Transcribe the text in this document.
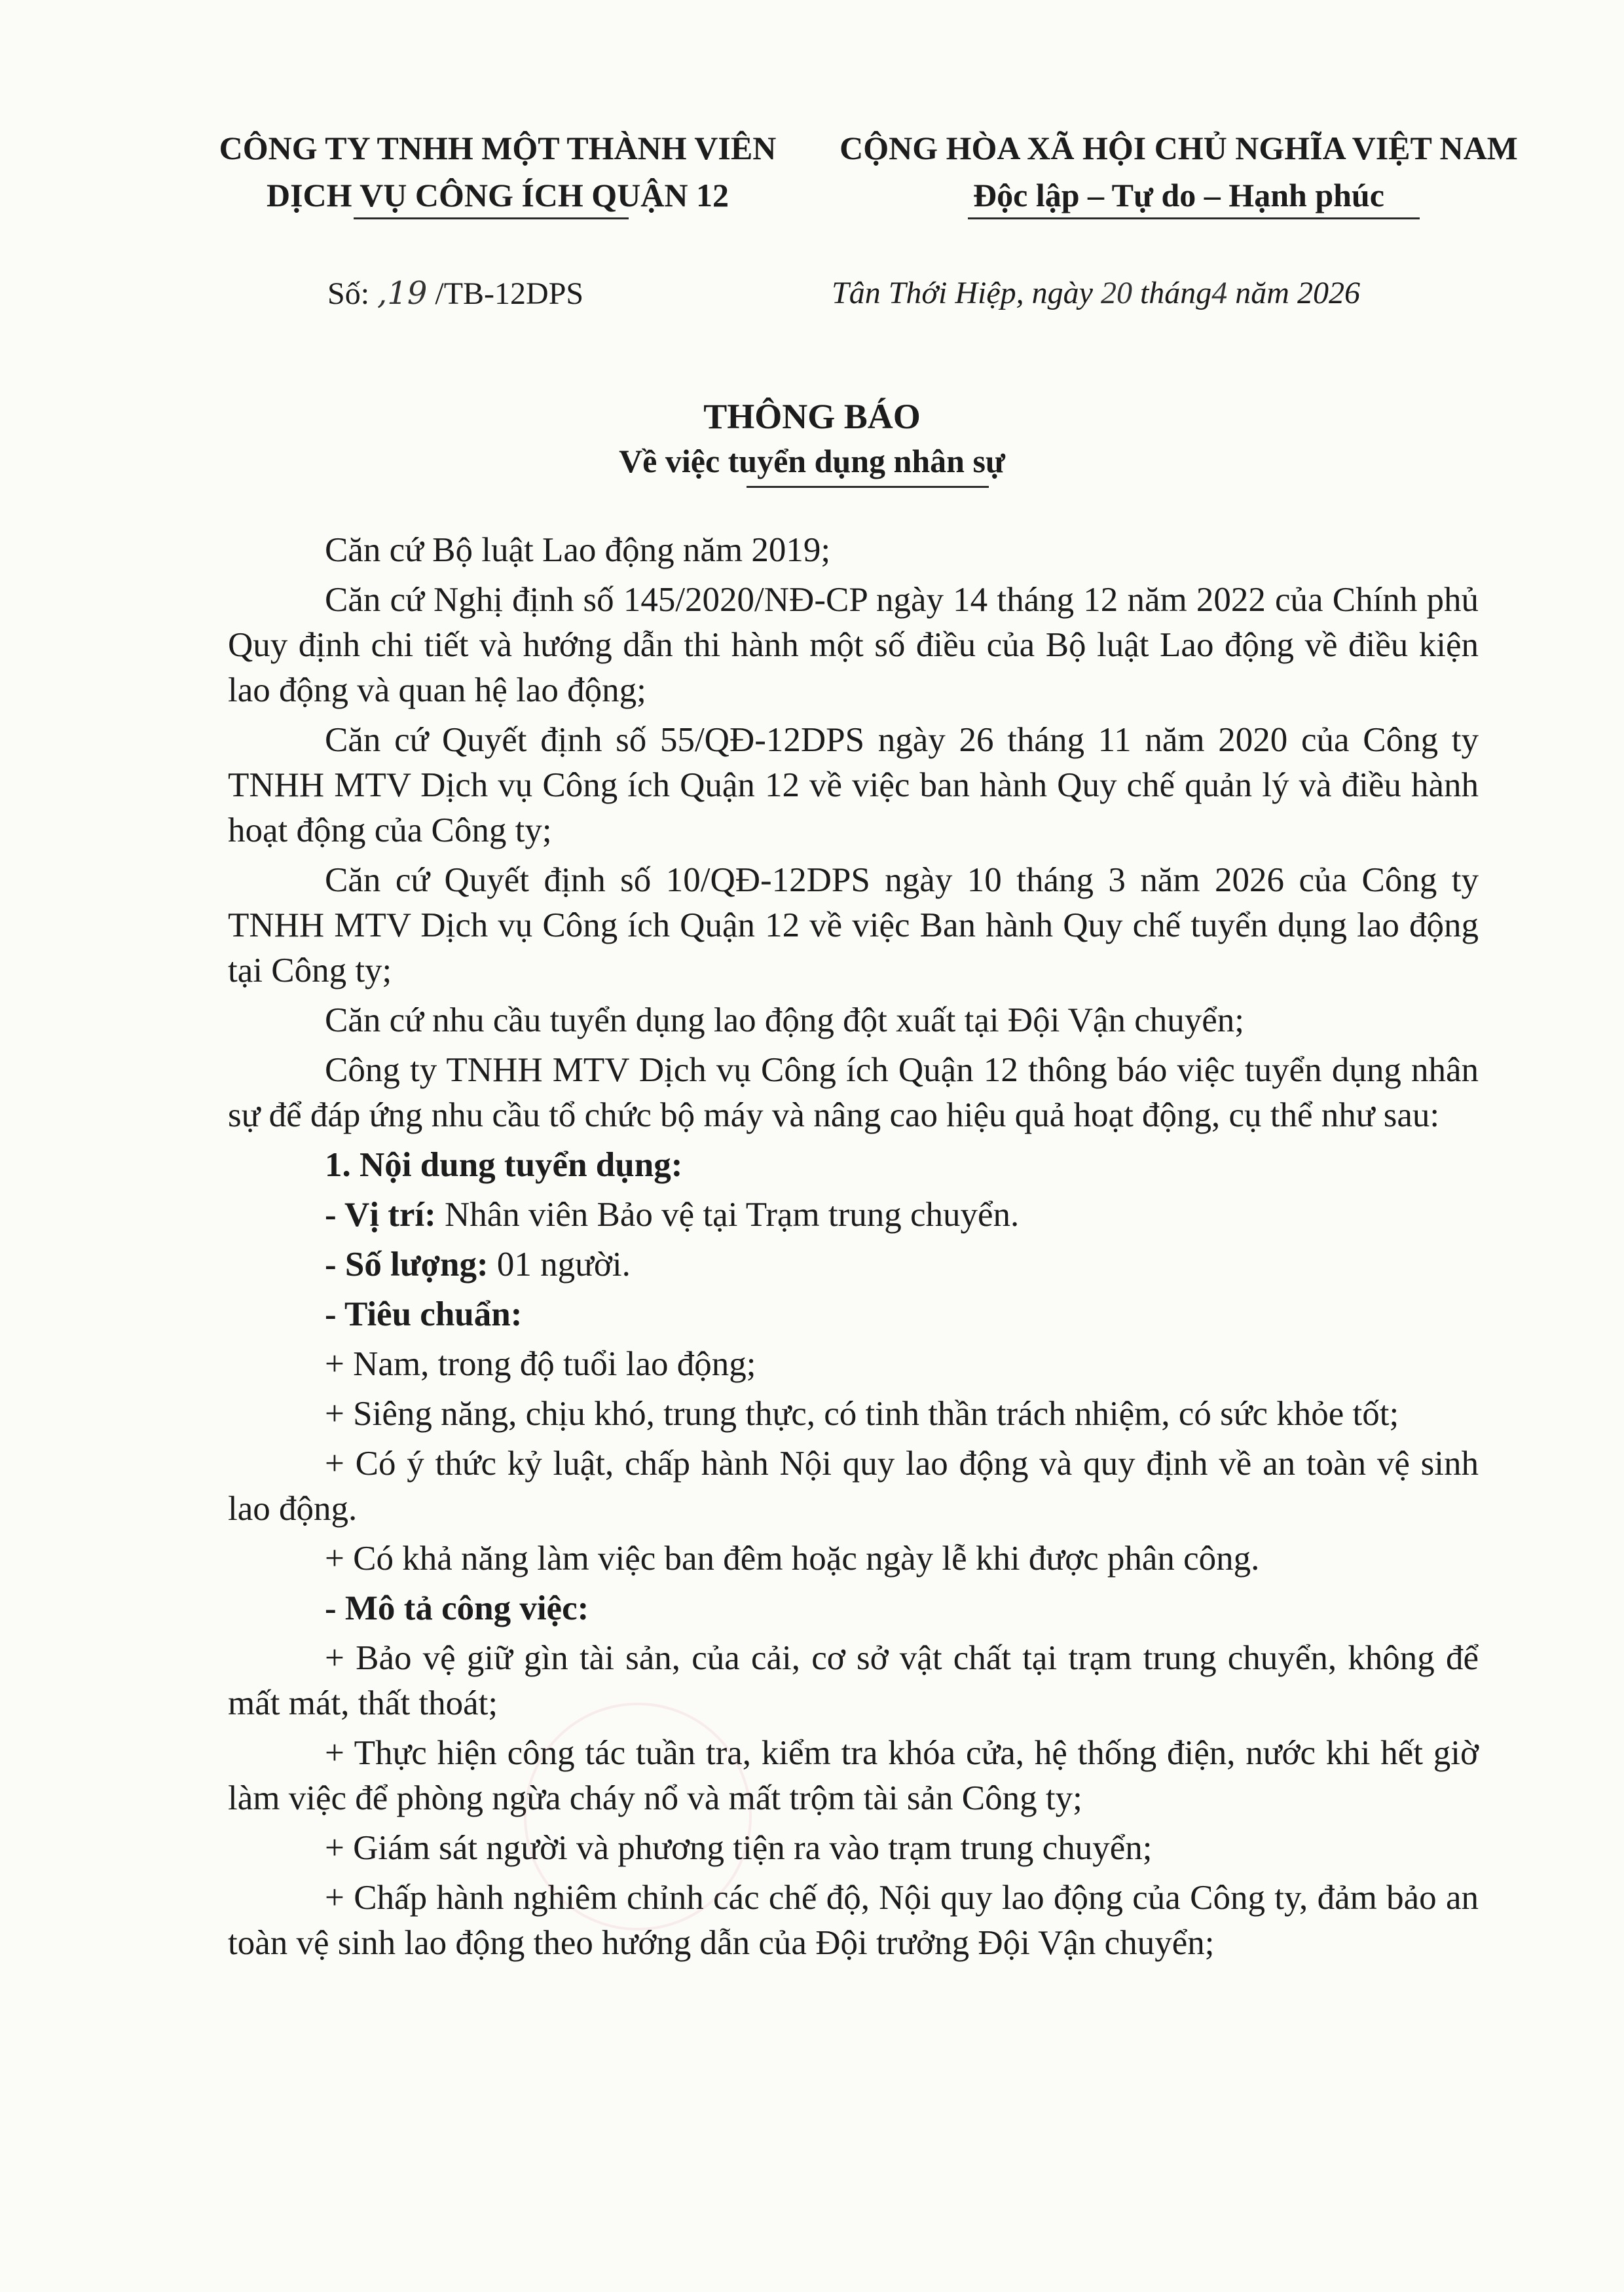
CÔNG TY TNHH MỘT THÀNH VIÊN
DỊCH VỤ CÔNG ÍCH QUẬN 12
CỘNG HÒA XÃ HỘI CHỦ NGHĨA VIỆT NAM
Độc lập – Tự do – Hạnh phúc
Số: ,19 /TB-12DPS	Tân Thới Hiệp, ngày 20 tháng4 năm 2026
THÔNG BÁO
Về việc tuyển dụng nhân sự

Căn cứ Bộ luật Lao động năm 2019;

Căn cứ Nghị định số 145/2020/NĐ-CP ngày 14 tháng 12 năm 2022 của Chính phủ Quy định chi tiết và hướng dẫn thi hành một số điều của Bộ luật Lao động về điều kiện lao động và quan hệ lao động;

Căn cứ Quyết định số 55/QĐ-12DPS ngày 26 tháng 11 năm 2020 của Công ty TNHH MTV Dịch vụ Công ích Quận 12 về việc ban hành Quy chế quản lý và điều hành hoạt động của Công ty;

Căn cứ Quyết định số 10/QĐ-12DPS ngày 10 tháng 3 năm 2026 của Công ty TNHH MTV Dịch vụ Công ích Quận 12 về việc Ban hành Quy chế tuyển dụng lao động tại Công ty;

Căn cứ nhu cầu tuyển dụng lao động đột xuất tại Đội Vận chuyển;

Công ty TNHH MTV Dịch vụ Công ích Quận 12 thông báo việc tuyển dụng nhân sự để đáp ứng nhu cầu tổ chức bộ máy và nâng cao hiệu quả hoạt động, cụ thể như sau:

1. Nội dung tuyển dụng:

- Vị trí: Nhân viên Bảo vệ tại Trạm trung chuyển.

- Số lượng: 01 người.

- Tiêu chuẩn:

+ Nam, trong độ tuổi lao động;

+ Siêng năng, chịu khó, trung thực, có tinh thần trách nhiệm, có sức khỏe tốt;

+ Có ý thức kỷ luật, chấp hành Nội quy lao động và quy định về an toàn vệ sinh lao động.

+ Có khả năng làm việc ban đêm hoặc ngày lễ khi được phân công.

- Mô tả công việc:

+ Bảo vệ giữ gìn tài sản, của cải, cơ sở vật chất tại trạm trung chuyển, không để mất mát, thất thoát;

+ Thực hiện công tác tuần tra, kiểm tra khóa cửa, hệ thống điện, nước khi hết giờ làm việc để phòng ngừa cháy nổ và mất trộm tài sản Công ty;

+ Giám sát người và phương tiện ra vào trạm trung chuyển;

+ Chấp hành nghiêm chỉnh các chế độ, Nội quy lao động của Công ty, đảm bảo an toàn vệ sinh lao động theo hướng dẫn của Đội trưởng Đội Vận chuyển;
